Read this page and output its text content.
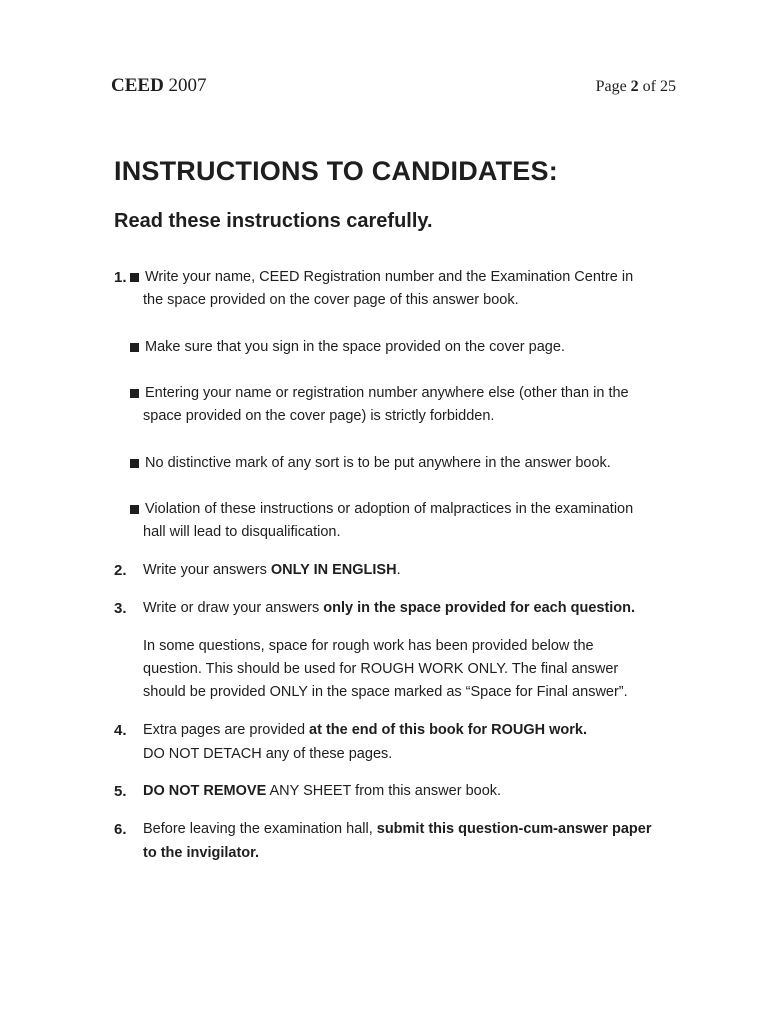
CEED 2007	Page 2 of 25
INSTRUCTIONS TO CANDIDATES:
Read these instructions carefully.
1. Write your name, CEED Registration number and the Examination Centre in
the space provided on the cover page of this answer book.
Make sure that you sign in the space provided on the cover page.
Entering your name or registration number anywhere else (other than in the
space provided on the cover page) is strictly forbidden.
No distinctive mark of any sort is to be put anywhere in the answer book.
Violation of these instructions or adoption of malpractices in the examination
hall will lead to disqualification.
2. Write your answers ONLY IN ENGLISH.
3. Write or draw your answers only in the space provided for each question.
In some questions, space for rough work has been provided below the
question. This should be used for ROUGH WORK ONLY. The final answer
should be provided ONLY in the space marked as “Space for Final answer”.
4. Extra pages are provided at the end of this book for ROUGH work.
DO NOT DETACH any of these pages.
5. DO NOT REMOVE ANY SHEET from this answer book.
6. Before leaving the examination hall, submit this question-cum-answer paper
to the invigilator.
